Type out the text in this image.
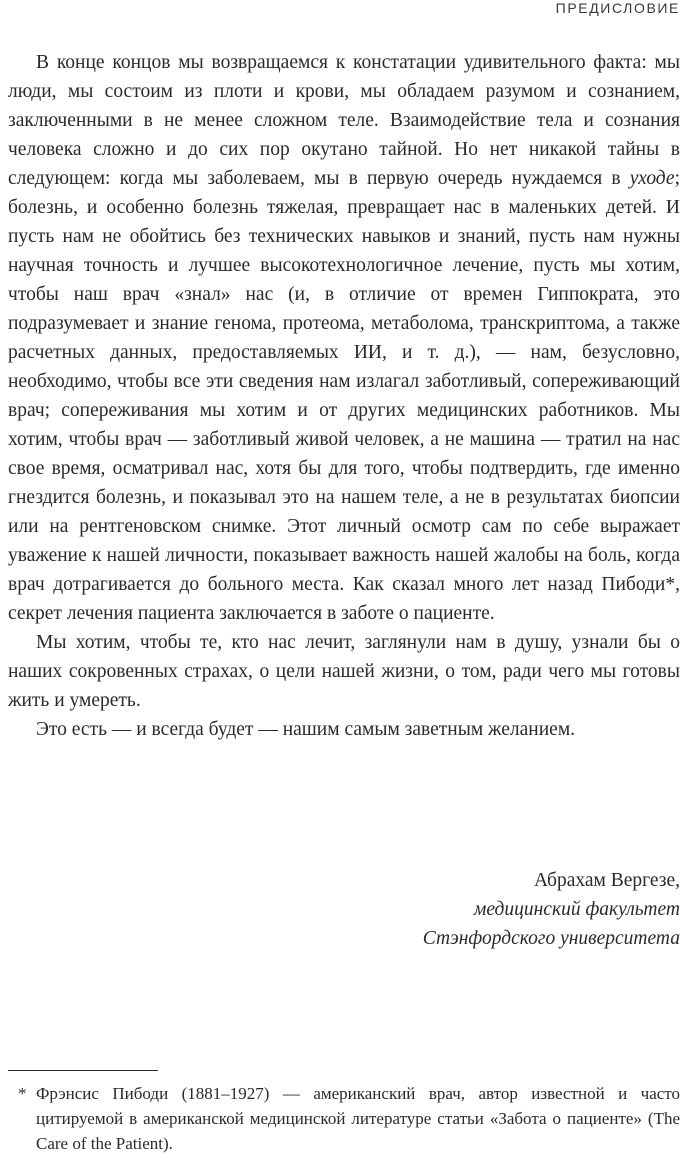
ПРЕДИСЛОВИЕ

В конце концов мы возвращаемся к констатации удивительного факта: мы люди, мы состоим из плоти и крови, мы обладаем разумом и сознанием, заключенными в не менее сложном теле. Взаимодействие тела и сознания человека сложно и до сих пор окутано тайной. Но нет никакой тайны в следующем: когда мы заболеваем, мы в первую очередь нуждаемся в уходе; болезнь, и особенно болезнь тяжелая, превращает нас в маленьких детей. И пусть нам не обойтись без технических навыков и знаний, пусть нам нужны научная точность и лучшее высокотехнологичное лечение, пусть мы хотим, чтобы наш врач «знал» нас (и, в отличие от времен Гиппократа, это подразумевает и знание генома, протеома, метаболома, транскриптома, а также расчетных данных, предоставляемых ИИ, и т. д.), — нам, безусловно, необходимо, чтобы все эти сведения нам излагал заботливый, сопереживающий врач; сопереживания мы хотим и от других медицинских работников. Мы хотим, чтобы врач — заботливый живой человек, а не машина — тратил на нас свое время, осматривал нас, хотя бы для того, чтобы подтвердить, где именно гнездится болезнь, и показывал это на нашем теле, а не в результатах биопсии или на рентгеновском снимке. Этот личный осмотр сам по себе выражает уважение к нашей личности, показывает важность нашей жалобы на боль, когда врач дотрагивается до больного места. Как сказал много лет назад Пибоди*, секрет лечения пациента заключается в заботе о пациенте.

Мы хотим, чтобы те, кто нас лечит, заглянули нам в душу, узнали бы о наших сокровенных страхах, о цели нашей жизни, о том, ради чего мы готовы жить и умереть.

Это есть — и всегда будет — нашим самым заветным желанием.

Абрахам Вергезе,
медицинский факультет
Стэнфордского университета
* Фрэнсис Пибоди (1881–1927) — американский врач, автор известной и часто цитируемой в американской медицинской литературе статьи «Забота о пациенте» (The Care of the Patient).
